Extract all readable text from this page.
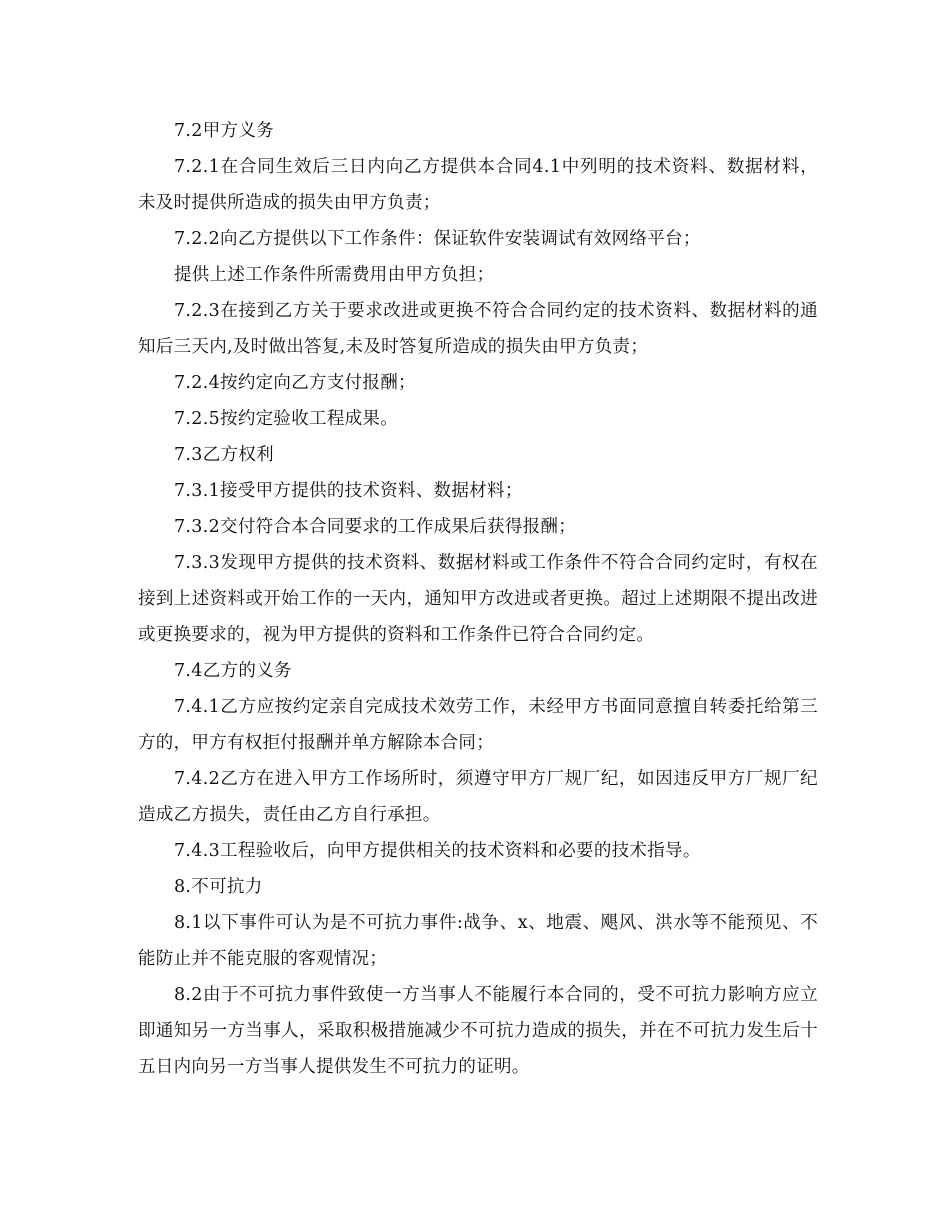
7.2甲方义务

7.2.1在合同生效后三日内向乙方提供本合同4.1中列明的技术资料、数据材料，未及时提供所造成的损失由甲方负责；

7.2.2向乙方提供以下工作条件：保证软件安装调试有效网络平台；

提供上述工作条件所需费用由甲方负担；

7.2.3在接到乙方关于要求改进或更换不符合合同约定的技术资料、数据材料的通知后三天内,及时做出答复,未及时答复所造成的损失由甲方负责；

7.2.4按约定向乙方支付报酬；

7.2.5按约定验收工程成果。

7.3乙方权利

7.3.1接受甲方提供的技术资料、数据材料；

7.3.2交付符合本合同要求的工作成果后获得报酬；

7.3.3发现甲方提供的技术资料、数据材料或工作条件不符合合同约定时，有权在接到上述资料或开始工作的一天内，通知甲方改进或者更换。超过上述期限不提出改进或更换要求的，视为甲方提供的资料和工作条件已符合合同约定。

7.4乙方的义务

7.4.1乙方应按约定亲自完成技术效劳工作，未经甲方书面同意擅自转委托给第三方的，甲方有权拒付报酬并单方解除本合同；

7.4.2乙方在进入甲方工作场所时，须遵守甲方厂规厂纪，如因违反甲方厂规厂纪造成乙方损失，责任由乙方自行承担。

7.4.3工程验收后，向甲方提供相关的技术资料和必要的技术指导。

8.不可抗力

8.1以下事件可认为是不可抗力事件:战争、x、地震、飓风、洪水等不能预见、不能防止并不能克服的客观情况；

8.2由于不可抗力事件致使一方当事人不能履行本合同的，受不可抗力影响方应立即通知另一方当事人，采取积极措施减少不可抗力造成的损失，并在不可抗力发生后十五日内向另一方当事人提供发生不可抗力的证明。
